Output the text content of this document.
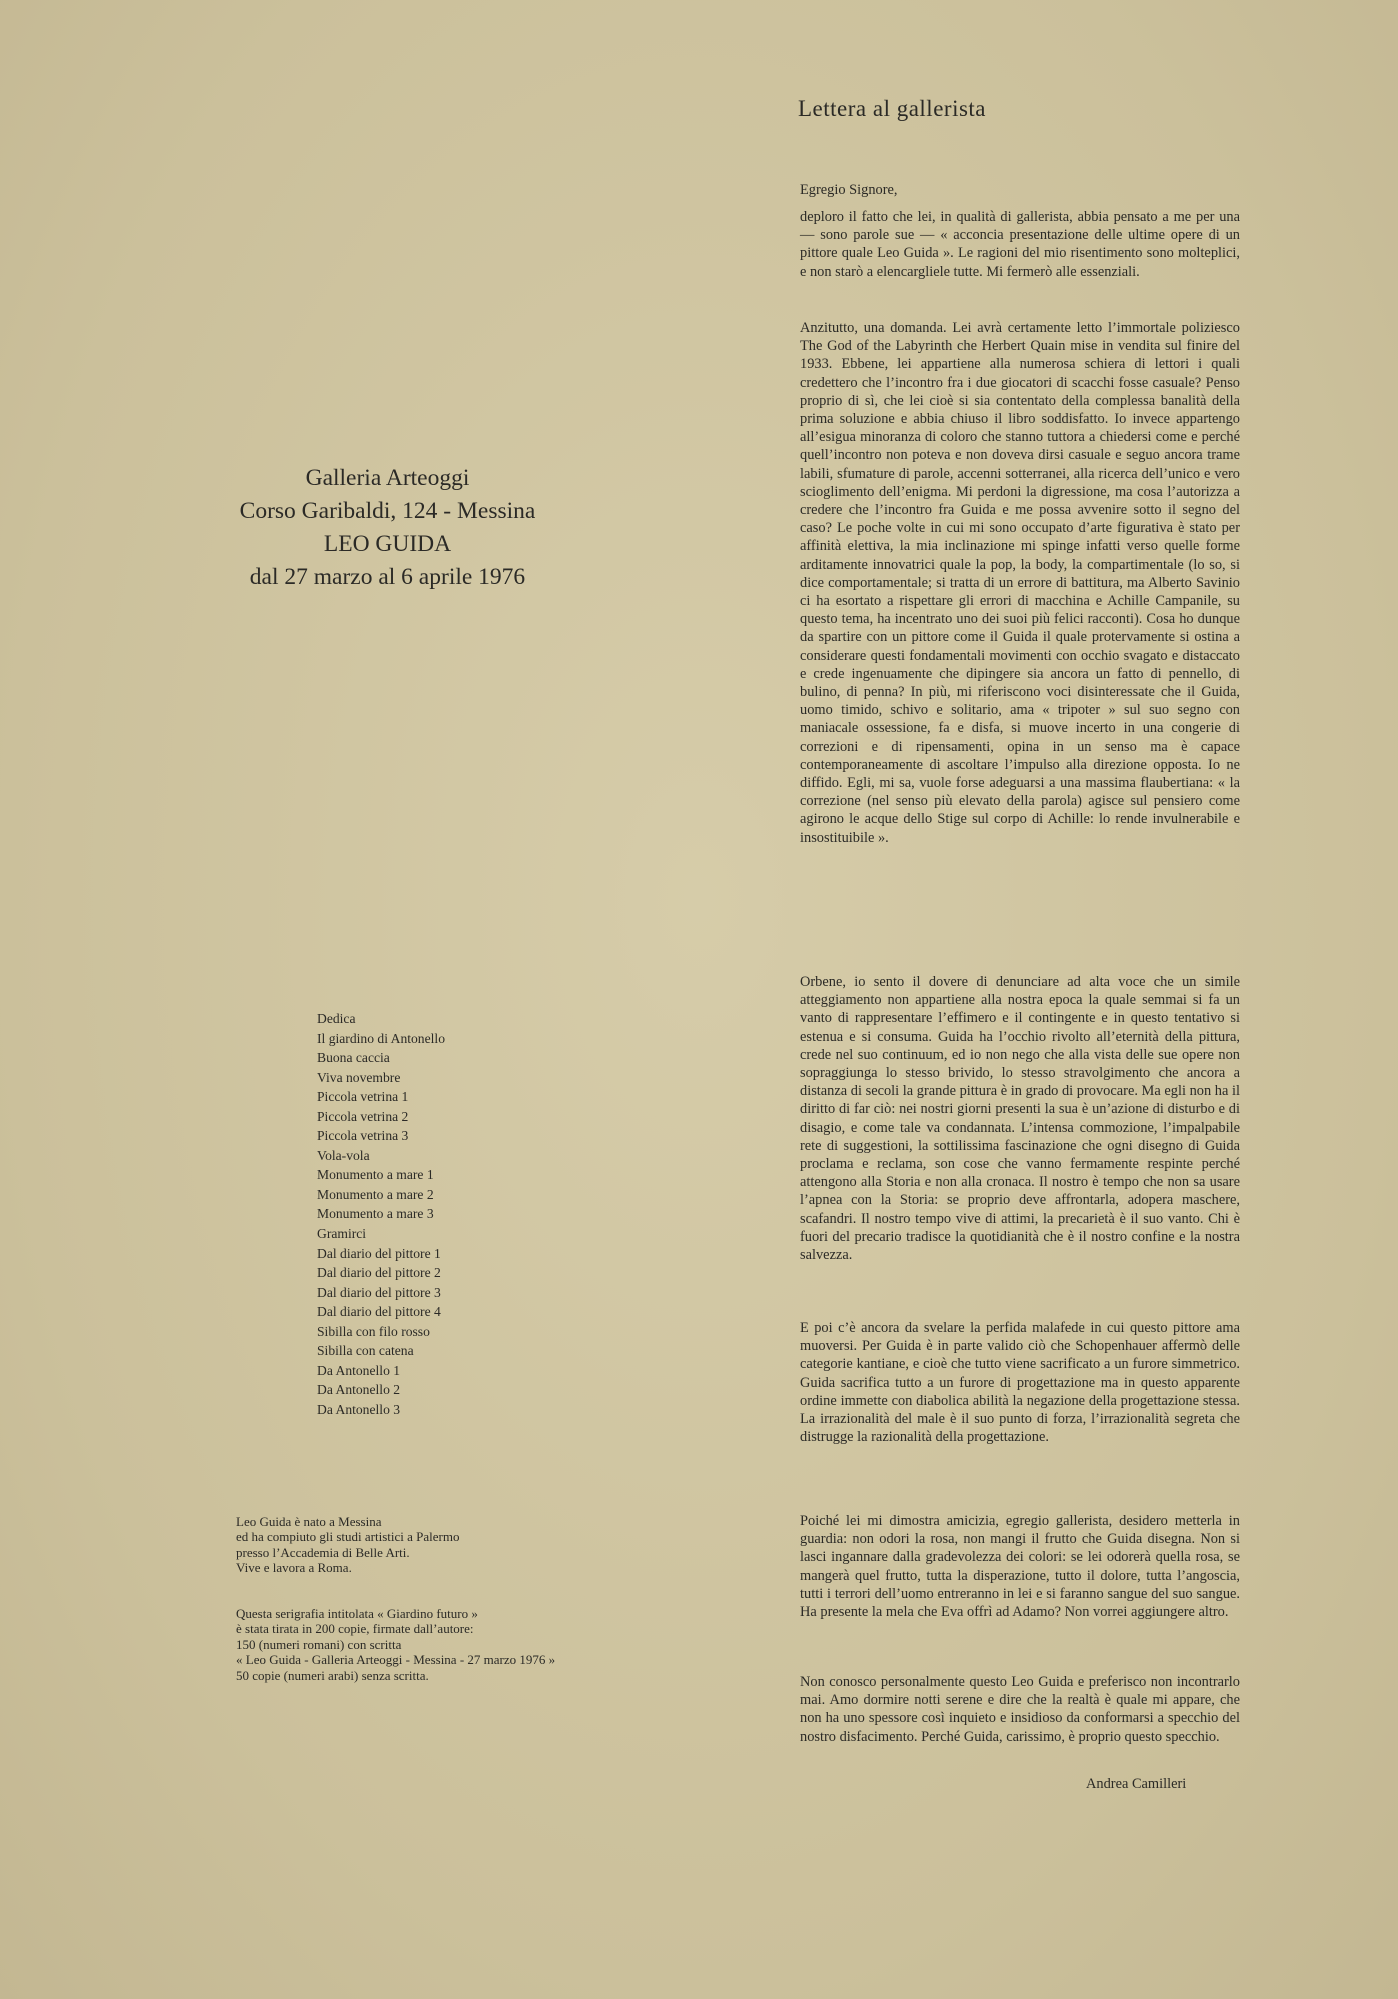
Lettera al gallerista
Egregio Signore,

deploro il fatto che lei, in qualità di gallerista, abbia pensato a me per una — sono parole sue — « acconcia presentazione delle ultime opere di un pittore quale Leo Guida ». Le ragioni del mio risentimento sono molteplici, e non starò a elencargliele tutte. Mi fermerò alle essenziali.

Anzitutto, una domanda. Lei avrà certamente letto l’immortale poliziesco The God of the Labyrinth che Herbert Quain mise in vendita sul finire del 1933. Ebbene, lei appartiene alla numerosa schiera di lettori i quali credettero che l’incontro fra i due giocatori di scacchi fosse casuale? Penso proprio di sì, che lei cioè si sia contentato della complessa banalità della prima soluzione e abbia chiuso il libro soddisfatto. Io invece appartengo all’esigua minoranza di coloro che stanno tuttora a chiedersi come e perché quell’incontro non poteva e non doveva dirsi casuale e seguo ancora trame labili, sfumature di parole, accenni sotterranei, alla ricerca dell’unico e vero scioglimento dell’enigma. Mi perdoni la digressione, ma cosa l’autorizza a credere che l’incontro fra Guida e me possa avvenire sotto il segno del caso? Le poche volte in cui mi sono occupato d’arte figurativa è stato per affinità elettiva, la mia inclinazione mi spinge infatti verso quelle forme arditamente innovatrici quale la pop, la body, la compartimentale (lo so, si dice comportamentale; si tratta di un errore di battitura, ma Alberto Savinio ci ha esortato a rispettare gli errori di macchina e Achille Campanile, su questo tema, ha incentrato uno dei suoi più felici racconti). Cosa ho dunque da spartire con un pittore come il Guida il quale protervamente si ostina a considerare questi fondamentali movimenti con occhio svagato e distaccato e crede ingenuamente che dipingere sia ancora un fatto di pennello, di bulino, di penna? In più, mi riferiscono voci disinteressate che il Guida, uomo timido, schivo e solitario, ama « tripoter » sul suo segno con maniacale ossessione, fa e disfa, si muove incerto in una congerie di correzioni e di ripensamenti, opina in un senso ma è capace contemporaneamente di ascoltare l’impulso alla direzione opposta. Io ne diffido. Egli, mi sa, vuole forse adeguarsi a una massima flaubertiana: « la correzione (nel senso più elevato della parola) agisce sul pensiero come agirono le acque dello Stige sul corpo di Achille: lo rende invulnerabile e insostituibile ».

Orbene, io sento il dovere di denunciare ad alta voce che un simile atteggiamento non appartiene alla nostra epoca la quale semmai si fa un vanto di rappresentare l’effimero e il contingente e in questo tentativo si estenua e si consuma. Guida ha l’occhio rivolto all’eternità della pittura, crede nel suo continuum, ed io non nego che alla vista delle sue opere non sopraggiunga lo stesso brivido, lo stesso stravolgimento che ancora a distanza di secoli la grande pittura è in grado di provocare. Ma egli non ha il diritto di far ciò: nei nostri giorni presenti la sua è un’azione di disturbo e di disagio, e come tale va condannata. L’intensa commozione, l’impalpabile rete di suggestioni, la sottilissima fascinazione che ogni disegno di Guida proclama e reclama, son cose che vanno fermamente respinte perché attengono alla Storia e non alla cronaca. Il nostro è tempo che non sa usare l’apnea con la Storia: se proprio deve affrontarla, adopera maschere, scafandri. Il nostro tempo vive di attimi, la precarietà è il suo vanto. Chi è fuori del precario tradisce la quotidianità che è il nostro confine e la nostra salvezza.

E poi c’è ancora da svelare la perfida malafede in cui questo pittore ama muoversi. Per Guida è in parte valido ciò che Schopenhauer affermò delle categorie kantiane, e cioè che tutto viene sacrificato a un furore simmetrico. Guida sacrifica tutto a un furore di progettazione ma in questo apparente ordine immette con diabolica abilità la negazione della progettazione stessa. La irrazionalità del male è il suo punto di forza, l’irrazionalità segreta che distrugge la razionalità della progettazione.

Poiché lei mi dimostra amicizia, egregio gallerista, desidero metterla in guardia: non odori la rosa, non mangi il frutto che Guida disegna. Non si lasci ingannare dalla gradevolezza dei colori: se lei odorerà quella rosa, se mangerà quel frutto, tutta la disperazione, tutto il dolore, tutta l’angoscia, tutti i terrori dell’uomo entreranno in lei e si faranno sangue del suo sangue. Ha presente la mela che Eva offrì ad Adamo? Non vorrei aggiungere altro.

Non conosco personalmente questo Leo Guida e preferisco non incontrarlo mai. Amo dormire notti serene e dire che la realtà è quale mi appare, che non ha uno spessore così inquieto e insidioso da conformarsi a specchio del nostro disfacimento. Perché Guida, carissimo, è proprio questo specchio.

Andrea Camilleri
Galleria Arteoggi
Corso Garibaldi, 124 - Messina
LEO GUIDA
dal 27 marzo al 6 aprile 1976
Dedica
Il giardino di Antonello
Buona caccia
Viva novembre
Piccola vetrina 1
Piccola vetrina 2
Piccola vetrina 3
Vola-vola
Monumento a mare 1
Monumento a mare 2
Monumento a mare 3
Gramirci
Dal diario del pittore 1
Dal diario del pittore 2
Dal diario del pittore 3
Dal diario del pittore 4
Sibilla con filo rosso
Sibilla con catena
Da Antonello 1
Da Antonello 2
Da Antonello 3
Leo Guida è nato a Messina
ed ha compiuto gli studi artistici a Palermo
presso l’Accademia di Belle Arti.
Vive e lavora a Roma.
Questa serigrafia intitolata « Giardino futuro »
è stata tirata in 200 copie, firmate dall’autore:
150 (numeri romani) con scritta
« Leo Guida - Galleria Arteoggi - Messina - 27 marzo 1976 »
50 copie (numeri arabi) senza scritta.
